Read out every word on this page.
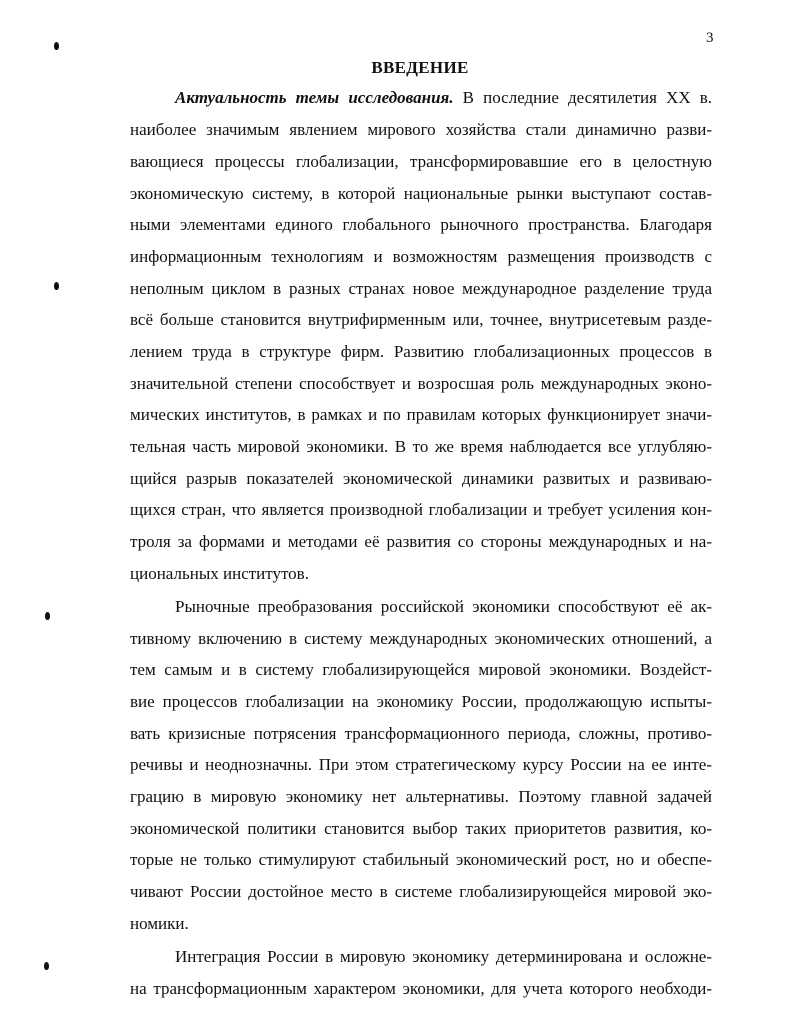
3
ВВЕДЕНИЕ
Актуальность темы исследования. В последние десятилетия XX в.
наиболее значимым явлением мирового хозяйства стали динамично разви-
вающиеся процессы глобализации, трансформировавшие его в целостную
экономическую систему, в которой национальные рынки выступают состав-
ными элементами единого глобального рыночного пространства. Благодаря
информационным технологиям и возможностям размещения производств с
неполным циклом в разных странах новое международное разделение труда
всё больше становится внутрифирменным или, точнее, внутрисетевым разде-
лением труда в структуре фирм. Развитию глобализационных процессов в
значительной степени способствует и возросшая роль международных эконо-
мических институтов, в рамках и по правилам которых функционирует значи-
тельная часть мировой экономики. В то же время наблюдается все углубляю-
щийся разрыв показателей экономической динамики развитых и развиваю-
щихся стран, что является производной глобализации и требует усиления кон-
троля за формами и методами её развития со стороны международных и на-
циональных институтов.
Рыночные преобразования российской экономики способствуют её ак-
тивному включению в систему международных экономических отношений, а
тем самым и в систему глобализирующейся мировой экономики. Воздейст-
вие процессов глобализации на экономику России, продолжающую испыты-
вать кризисные потрясения трансформационного периода, сложны, противо-
речивы и неоднозначны. При этом стратегическому курсу России на ее инте-
грацию в мировую экономику нет альтернативы. Поэтому главной задачей
экономической политики становится выбор таких приоритетов развития, ко-
торые не только стимулируют стабильный экономический рост, но и обеспе-
чивают России достойное место в системе глобализирующейся мировой эко-
номики.
Интеграция России в мировую экономику детерминирована и осложне-
на трансформационным характером экономики, для учета которого необходи-
